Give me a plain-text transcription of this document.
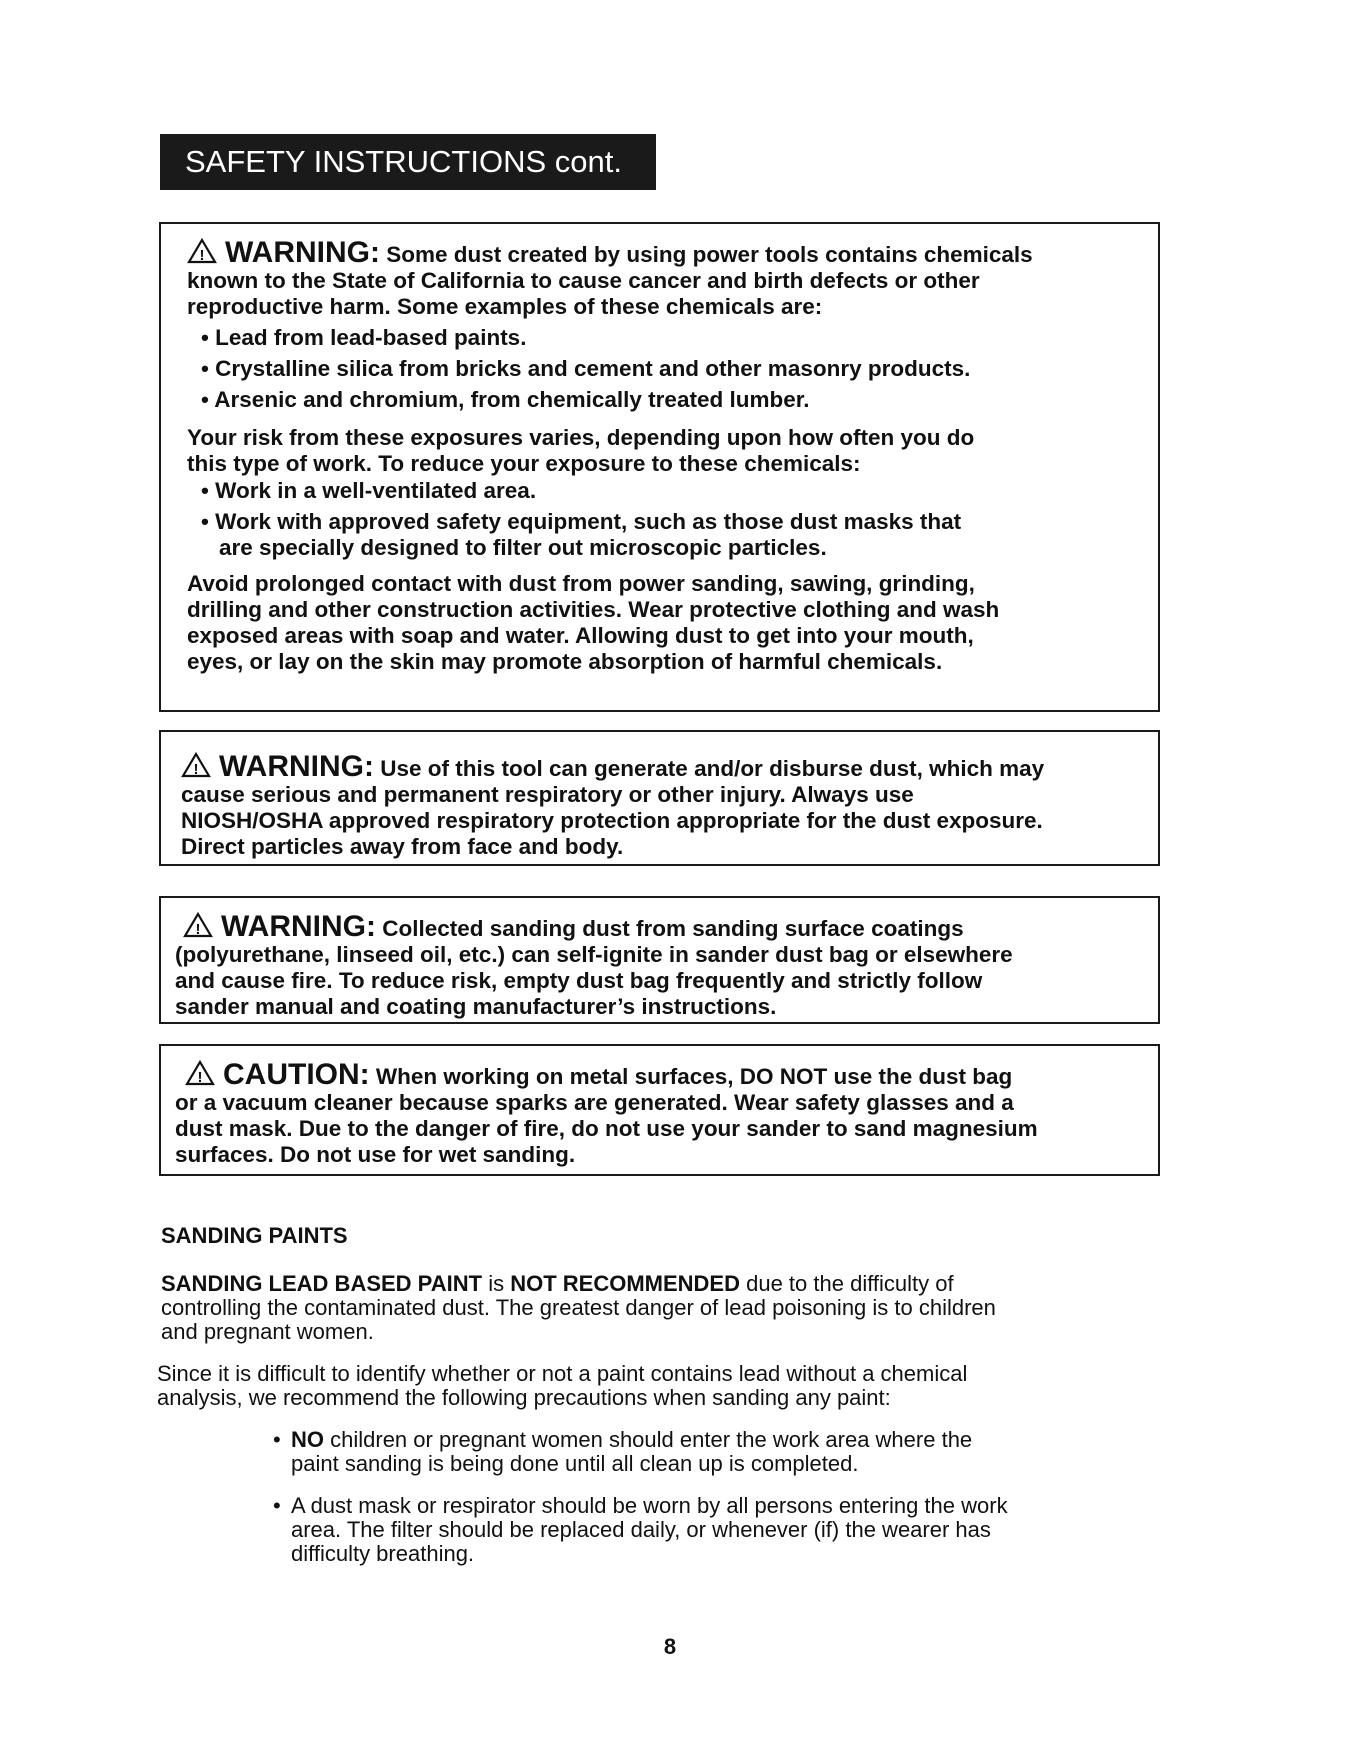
SAFETY INSTRUCTIONS cont.
! WARNING: Some dust created by using power tools contains chemicals
known to the State of California to cause cancer and birth defects or other
reproductive harm. Some examples of these chemicals are:
• Lead from lead-based paints.
• Crystalline silica from bricks and cement and other masonry products.
• Arsenic and chromium, from chemically treated lumber.
Your risk from these exposures varies, depending upon how often you do
this type of work. To reduce your exposure to these chemicals:
• Work in a well-ventilated area.
• Work with approved safety equipment, such as those dust masks that
are specially designed to filter out microscopic particles.
Avoid prolonged contact with dust from power sanding, sawing, grinding,
drilling and other construction activities. Wear protective clothing and wash
exposed areas with soap and water. Allowing dust to get into your mouth,
eyes, or lay on the skin may promote absorption of harmful chemicals.
! WARNING: Use of this tool can generate and/or disburse dust, which may
cause serious and permanent respiratory or other injury. Always use
NIOSH/OSHA approved respiratory protection appropriate for the dust exposure.
Direct particles away from face and body.
! WARNING: Collected sanding dust from sanding surface coatings
(polyurethane, linseed oil, etc.) can self-ignite in sander dust bag or elsewhere
and cause fire. To reduce risk, empty dust bag frequently and strictly follow
sander manual and coating manufacturer’s instructions.
! CAUTION: When working on metal surfaces, DO NOT use the dust bag
or a vacuum cleaner because sparks are generated. Wear safety glasses and a
dust mask. Due to the danger of fire, do not use your sander to sand magnesium
surfaces. Do not use for wet sanding.
SANDING PAINTS
SANDING LEAD BASED PAINT is NOT RECOMMENDED due to the difficulty of
controlling the contaminated dust. The greatest danger of lead poisoning is to children
and pregnant women.
Since it is difficult to identify whether or not a paint contains lead without a chemical
analysis, we recommend the following precautions when sanding any paint:
• NO children or pregnant women should enter the work area where the
paint sanding is being done until all clean up is completed.
• A dust mask or respirator should be worn by all persons entering the work
area. The filter should be replaced daily, or whenever (if) the wearer has
difficulty breathing.
8
